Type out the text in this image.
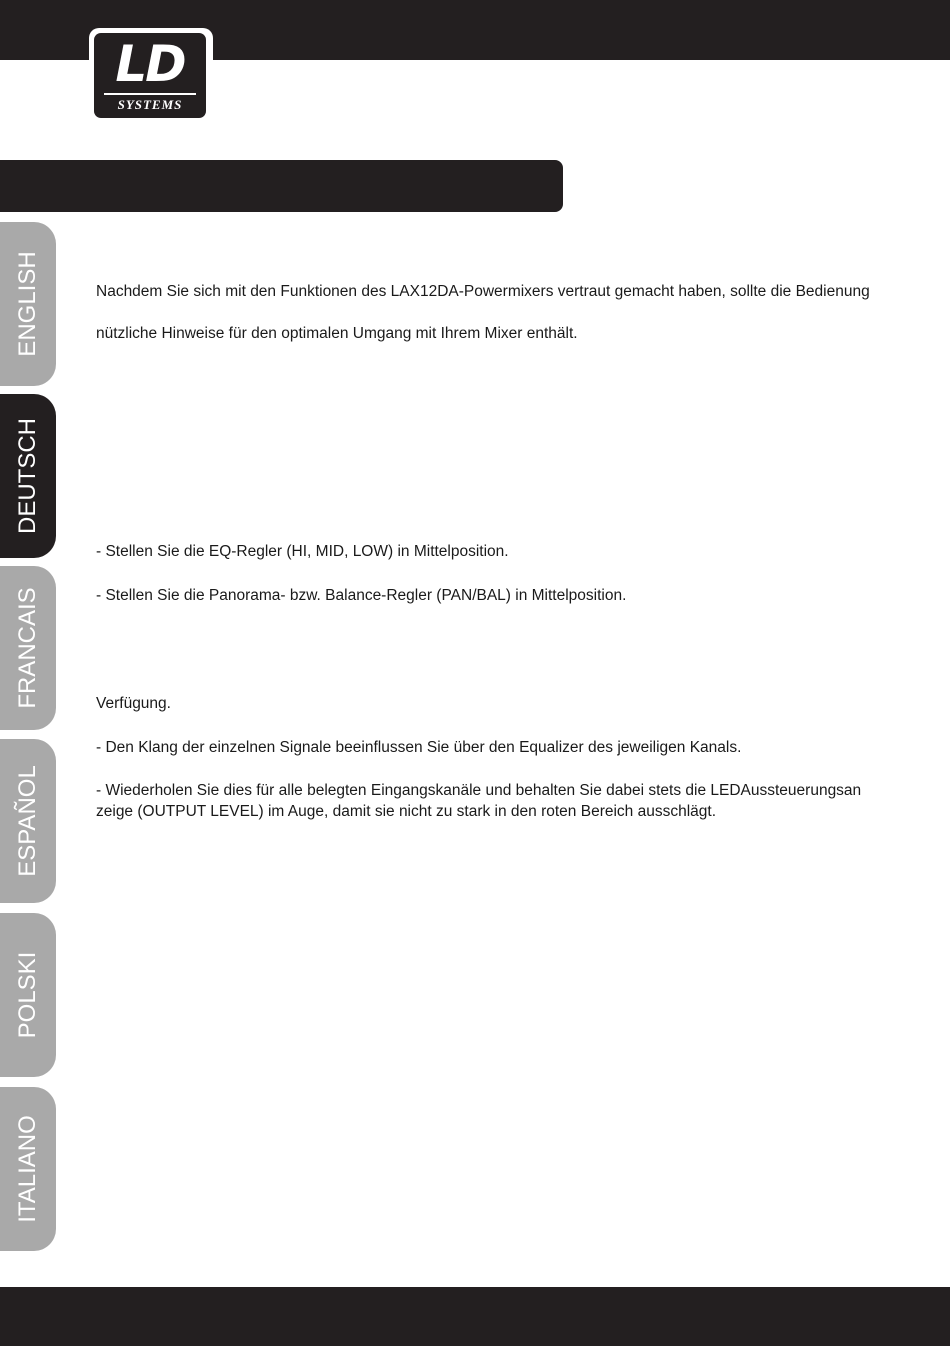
LD
SYSTEMS
ENGLISH
DEUTSCH
FRANCAIS
ESPAÑOL
POLSKI
ITALIANO

Nachdem Sie sich mit den Funktionen des LAX12DA-Powermixers vertraut gemacht haben, sollte die Bedienung

nützliche Hinweise für den optimalen Umgang mit Ihrem Mixer enthält.

- Stellen Sie die EQ-Regler (HI, MID, LOW) in Mittelposition.

- Stellen Sie die Panorama- bzw. Balance-Regler (PAN/BAL) in Mittelposition.

Verfügung.

- Den Klang der einzelnen Signale beeinflussen Sie über den Equalizer des jeweiligen Kanals.

- Wiederholen Sie dies für alle belegten Eingangskanäle und behalten Sie dabei stets die LEDAussteuerungsan

zeige (OUTPUT LEVEL) im Auge, damit sie nicht zu stark in den roten Bereich ausschlägt.
